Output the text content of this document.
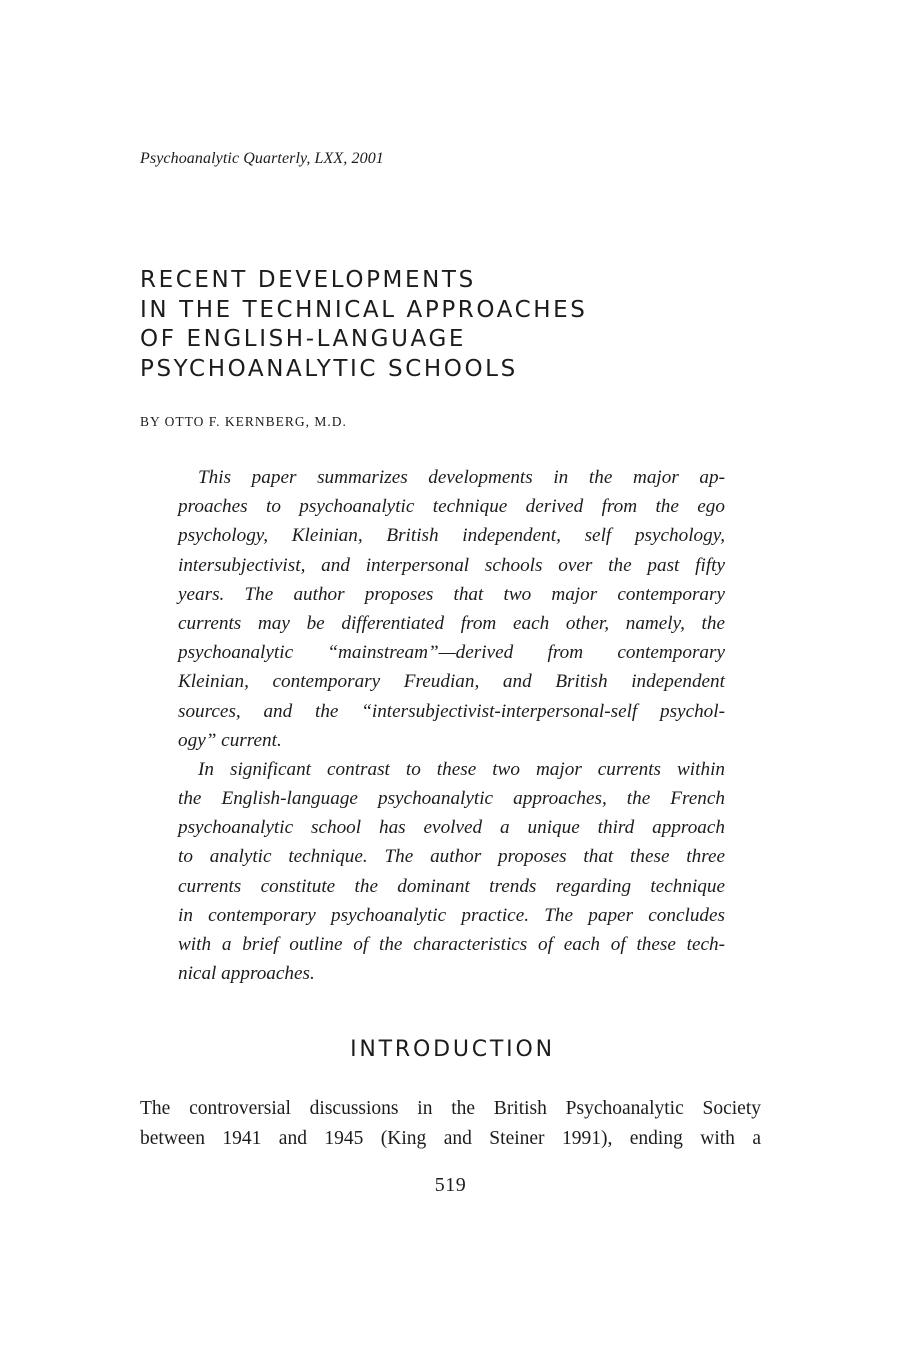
Psychoanalytic Quarterly, LXX, 2001
RECENT DEVELOPMENTS
IN THE TECHNICAL APPROACHES
OF ENGLISH-LANGUAGE
PSYCHOANALYTIC SCHOOLS
BY OTTO F. KERNBERG, M.D.
This paper summarizes developments in the major ap-
proaches to psychoanalytic technique derived from the ego
psychology, Kleinian, British independent, self psychology,
intersubjectivist, and interpersonal schools over the past fifty
years. The author proposes that two major contemporary
currents may be differentiated from each other, namely, the
psychoanalytic “mainstream”—derived from contemporary
Kleinian, contemporary Freudian, and British independent
sources, and the “intersubjectivist-interpersonal-self psychol-
ogy” current.
In significant contrast to these two major currents within
the English-language psychoanalytic approaches, the French
psychoanalytic school has evolved a unique third approach
to analytic technique. The author proposes that these three
currents constitute the dominant trends regarding technique
in contemporary psychoanalytic practice. The paper concludes
with a brief outline of the characteristics of each of these tech-
nical approaches.
INTRODUCTION
The controversial discussions in the British Psychoanalytic Society
between 1941 and 1945 (King and Steiner 1991), ending with a
519
